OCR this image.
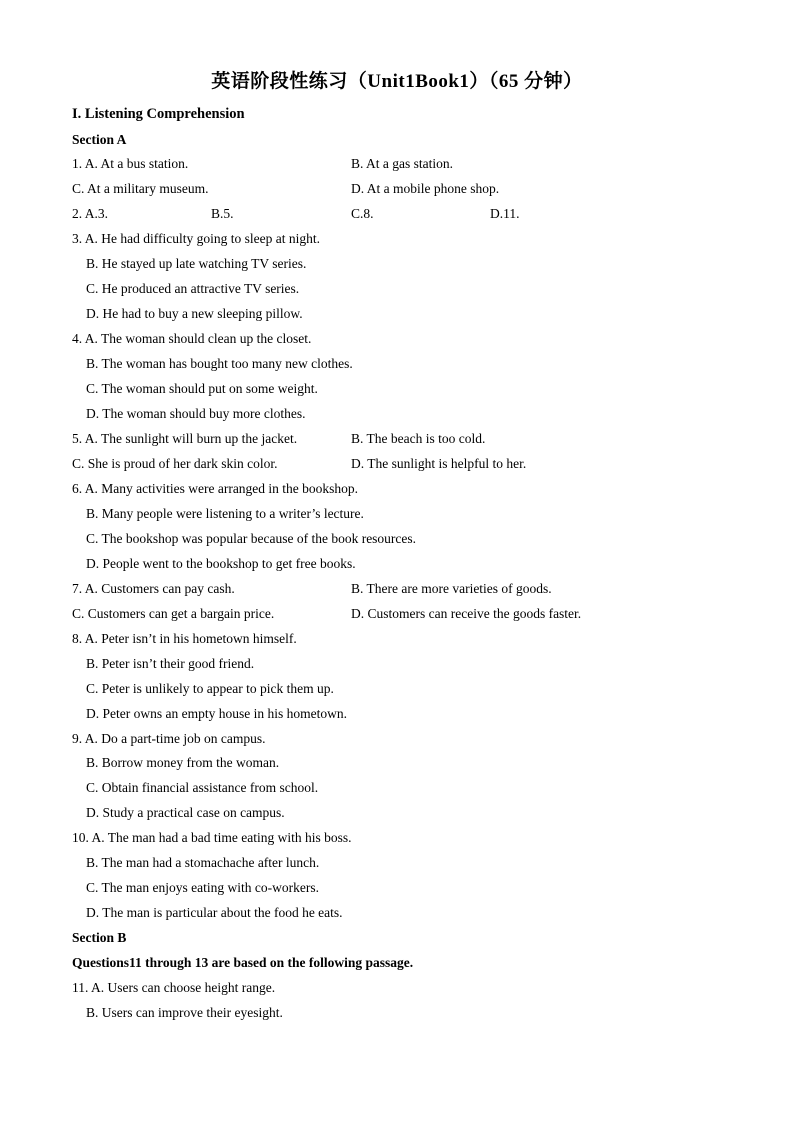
英语阶段性练习（Unit1Book1）（65 分钟）
I. Listening Comprehension
Section A
1. A. At a bus station.	B. At a gas station.
C. At a military museum.	D. At a mobile phone shop.
2. A.3.	B.5.	C.8.	D.11.
3. A. He had difficulty going to sleep at night.
B. He stayed up late watching TV series.
C. He produced an attractive TV series.
D. He had to buy a new sleeping pillow.
4. A. The woman should clean up the closet.
B. The woman has bought too many new clothes.
C. The woman should put on some weight.
D. The woman should buy more clothes.
5. A. The sunlight will burn up the jacket.	B. The beach is too cold.
C. She is proud of her dark skin color.	D. The sunlight is helpful to her.
6. A. Many activities were arranged in the bookshop.
B. Many people were listening to a writer’s lecture.
C. The bookshop was popular because of the book resources.
D. People went to the bookshop to get free books.
7. A. Customers can pay cash.	B. There are more varieties of goods.
C. Customers can get a bargain price.	D. Customers can receive the goods faster.
8. A. Peter isn’t in his hometown himself.
B. Peter isn’t their good friend.
C. Peter is unlikely to appear to pick them up.
D. Peter owns an empty house in his hometown.
9. A. Do a part-time job on campus.
B. Borrow money from the woman.
C. Obtain financial assistance from school.
D. Study a practical case on campus.
10. A. The man had a bad time eating with his boss.
B. The man had a stomachache after lunch.
C. The man enjoys eating with co-workers.
D. The man is particular about the food he eats.
Section B
Questions11 through 13 are based on the following passage.
11. A. Users can choose height range.
B. Users can improve their eyesight.
